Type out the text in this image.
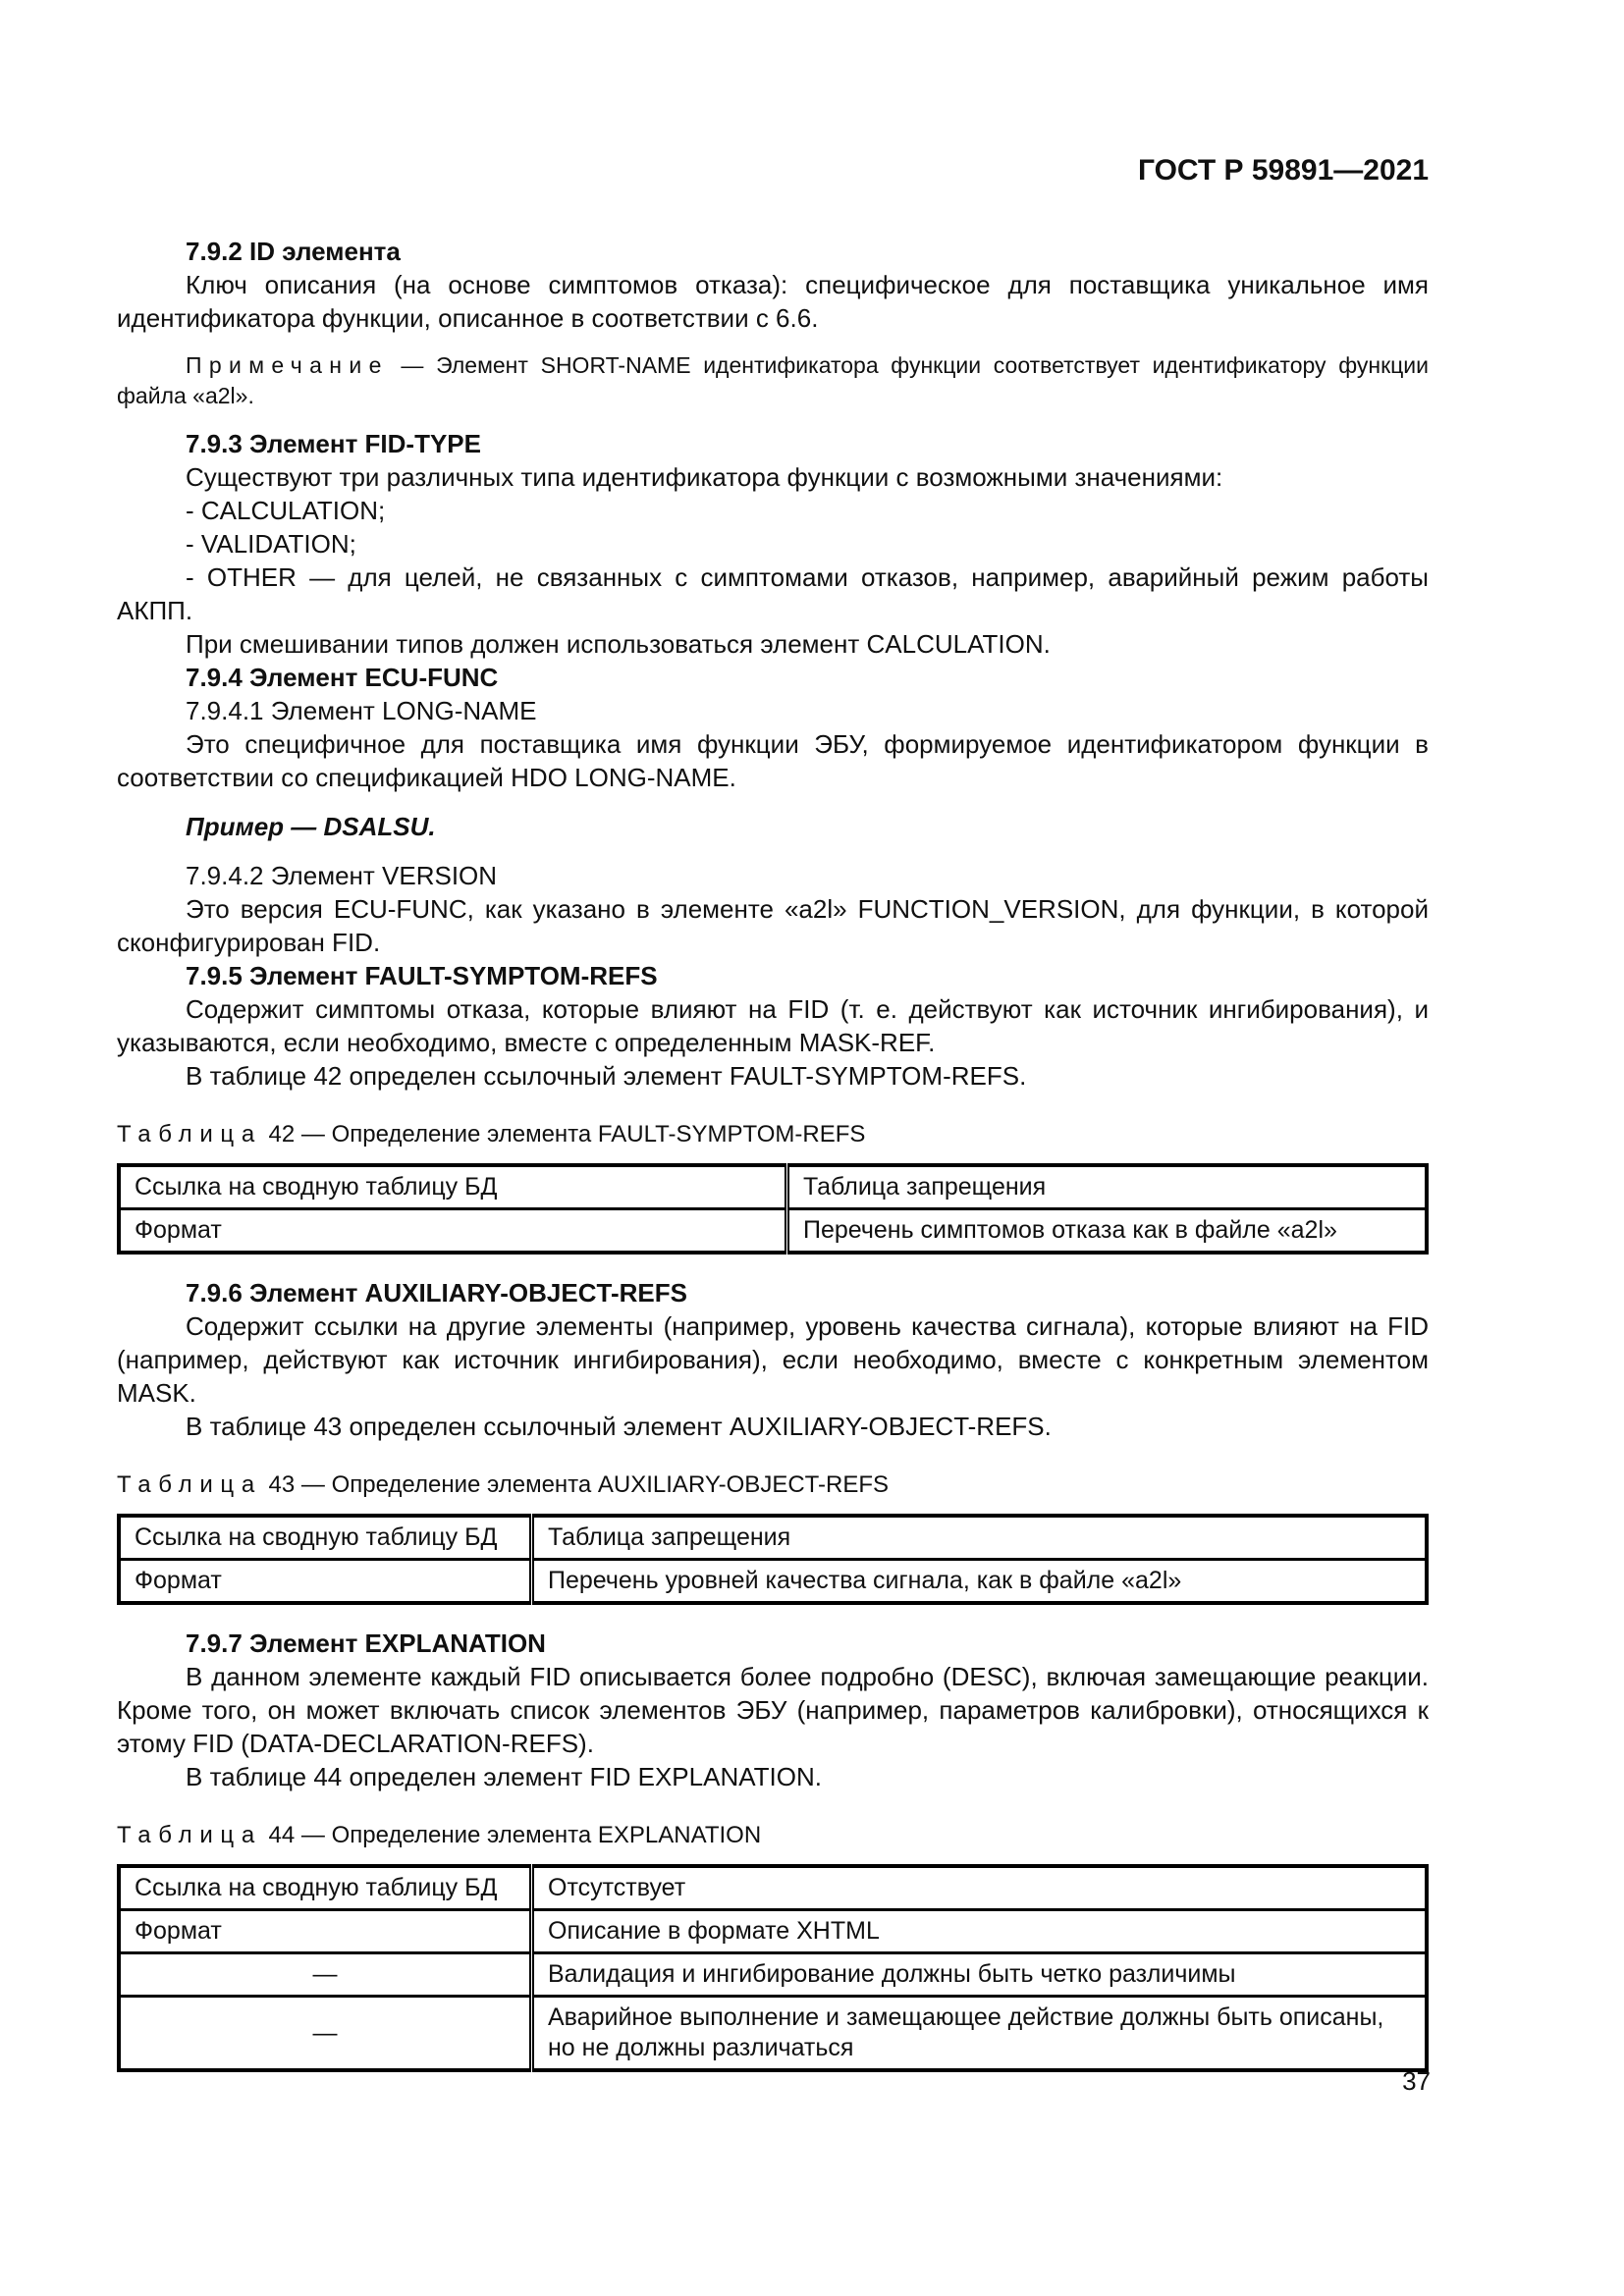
ГОСТ Р 59891—2021

7.9.2 ID элемента

Ключ описания (на основе симптомов отказа): специфическое для поставщика уникальное имя идентификатора функции, описанное в соответствии с 6.6.

Примечание — Элемент SHORT-NAME идентификатора функции соответствует идентификатору функции файла «a2l».

7.9.3 Элемент FID-TYPE

Существуют три различных типа идентификатора функции с возможными значениями:

- CALCULATION;

- VALIDATION;

- OTHER — для целей, не связанных с симптомами отказов, например, аварийный режим работы АКПП.

При смешивании типов должен использоваться элемент CALCULATION.

7.9.4 Элемент ECU-FUNC

7.9.4.1 Элемент LONG-NAME

Это специфичное для поставщика имя функции ЭБУ, формируемое идентификатором функции в соответствии со спецификацией HDO LONG-NAME.

Пример — DSALSU.

7.9.4.2 Элемент VERSION

Это версия ECU-FUNC, как указано в элементе «a2l» FUNCTION_VERSION, для функции, в которой сконфигурирован FID.

7.9.5 Элемент FAULT-SYMPTOM-REFS

Содержит симптомы отказа, которые влияют на FID (т. е. действуют как источник ингибирования), и указываются, если необходимо, вместе с определенным MASK-REF.

В таблице 42 определен ссылочный элемент FAULT-SYMPTOM-REFS.

Таблица 42 — Определение элемента FAULT-SYMPTOM-REFS

Ссылка на сводную таблицу БД	Таблица запрещения
Формат	Перечень симптомов отказа как в файле «a2l»

7.9.6 Элемент AUXILIARY-OBJECT-REFS

Содержит ссылки на другие элементы (например, уровень качества сигнала), которые влияют на FID (например, действуют как источник ингибирования), если необходимо, вместе с конкретным элементом MASK.

В таблице 43 определен ссылочный элемент AUXILIARY-OBJECT-REFS.

Таблица 43 — Определение элемента AUXILIARY-OBJECT-REFS

Ссылка на сводную таблицу БД	Таблица запрещения
Формат	Перечень уровней качества сигнала, как в файле «a2l»

7.9.7 Элемент EXPLANATION

В данном элементе каждый FID описывается более подробно (DESC), включая замещающие реакции. Кроме того, он может включать список элементов ЭБУ (например, параметров калибровки), относящихся к этому FID (DATA-DECLARATION-REFS).

В таблице 44 определен элемент FID EXPLANATION.

Таблица 44 — Определение элемента EXPLANATION

Ссылка на сводную таблицу БД	Отсутствует
Формат	Описание в формате XHTML
—	Валидация и ингибирование должны быть четко различимы
—	Аварийное выполнение и замещающее действие должны быть описаны, но не должны различаться
37
